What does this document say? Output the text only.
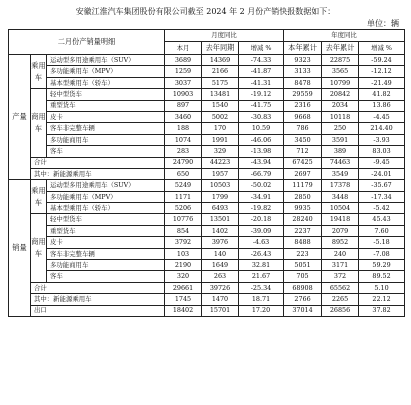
安徽江淮汽车集团股份有限公司截至 2024 年 2 月份产销快报数据如下：
单位：辆
二月份产销量明细			月度同比			年度同比		
			本月	去年同期	增减 %	本年累计	去年累计	增减 %
产量	乘用车	运动型多用途乘用车（SUV）	3689	14369	-74.33	9323	22875	-59.24
		多功能乘用车（MPV）	1259	2166	-41.87	3133	3565	-12.12
		基本型乘用车（轿车）	3037	5175	-41.31	8478	10799	-21.49
	商用车	轻中型货车	10903	13481	-19.12	29559	20842	41.82
		重型货车	897	1540	-41.75	2316	2034	13.86
		皮卡	3460	5002	-30.83	9668	10118	-4.45
		客车非完整车辆	188	170	10.59	786	250	214.40
		多功能商用车	1074	1991	-46.06	3450	3591	-3.93
		客车	283	329	-13.98	712	389	83.03
	合计		24790	44223	-43.94	67425	74463	-9.45
	其中：新能源乘用车		650	1957	-66.79	2697	3549	-24.01
销量	乘用车	运动型多用途乘用车（SUV）	5249	10503	-50.02	11179	17378	-35.67
		多功能乘用车（MPV）	1171	1799	-34.91	2850	3448	-17.34
		基本型乘用车（轿车）	5206	6493	-19.82	9935	10504	-5.42
	商用车	轻中型货车	10776	13501	-20.18	28240	19418	45.43
		重型货车	854	1402	-39.09	2237	2079	7.60
		皮卡	3792	3976	-4.63	8488	8952	-5.18
		客车非完整车辆	103	140	-26.43	223	240	-7.08
		多功能商用车	2190	1649	32.81	5051	3171	59.29
		客车	320	263	21.67	705	372	89.52
	合计		29661	39726	-25.34	68908	65562	5.10
	其中：新能源乘用车		1745	1470	18.71	2766	2265	22.12
	出口		18402	15701	17.20	37014	26856	37.82
